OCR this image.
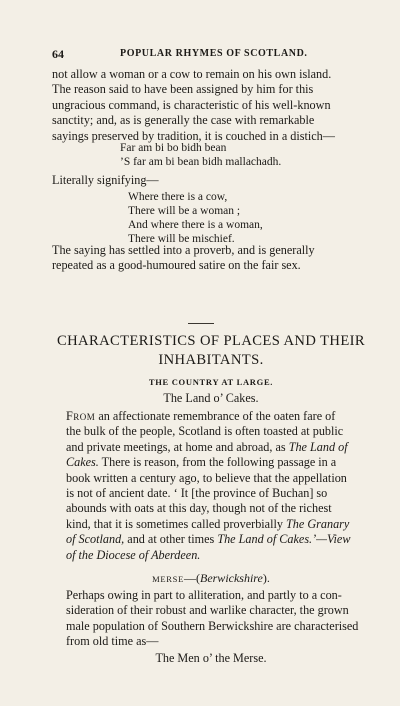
64	POPULAR RHYMES OF SCOTLAND.
not allow a woman or a cow to remain on his own island.
The reason said to have been assigned by him for this
ungracious command, is characteristic of his well-known
sanctity; and, as is generally the case with remarkable
sayings preserved by tradition, it is couched in a distich—
Far am bi bo bidh bean
’S far am bi bean bidh mallachadh.
Literally signifying—
Where there is a cow,
There will be a woman ;
And where there is a woman,
There will be mischief.
The saying has settled into a proverb, and is generally
repeated as a good-humoured satire on the fair sex.
CHARACTERISTICS OF PLACES AND THEIR
INHABITANTS.
THE COUNTRY AT LARGE.
The Land o’ Cakes.
From an affectionate remembrance of the oaten fare of
the bulk of the people, Scotland is often toasted at public
and private meetings, at home and abroad, as The Land of
Cakes. There is reason, from the following passage in a
book written a century ago, to believe that the appellation
is not of ancient date. ‘ It [the province of Buchan] so
abounds with oats at this day, though not of the richest
kind, that it is sometimes called proverbially The Granary
of Scotland, and at other times The Land of Cakes.’—View
of the Diocese of Aberdeen.
MERSE—(Berwickshire).
Perhaps owing in part to alliteration, and partly to a con-
sideration of their robust and warlike character, the grown
male population of Southern Berwickshire are characterised
from old time as—
The Men o’ the Merse.
